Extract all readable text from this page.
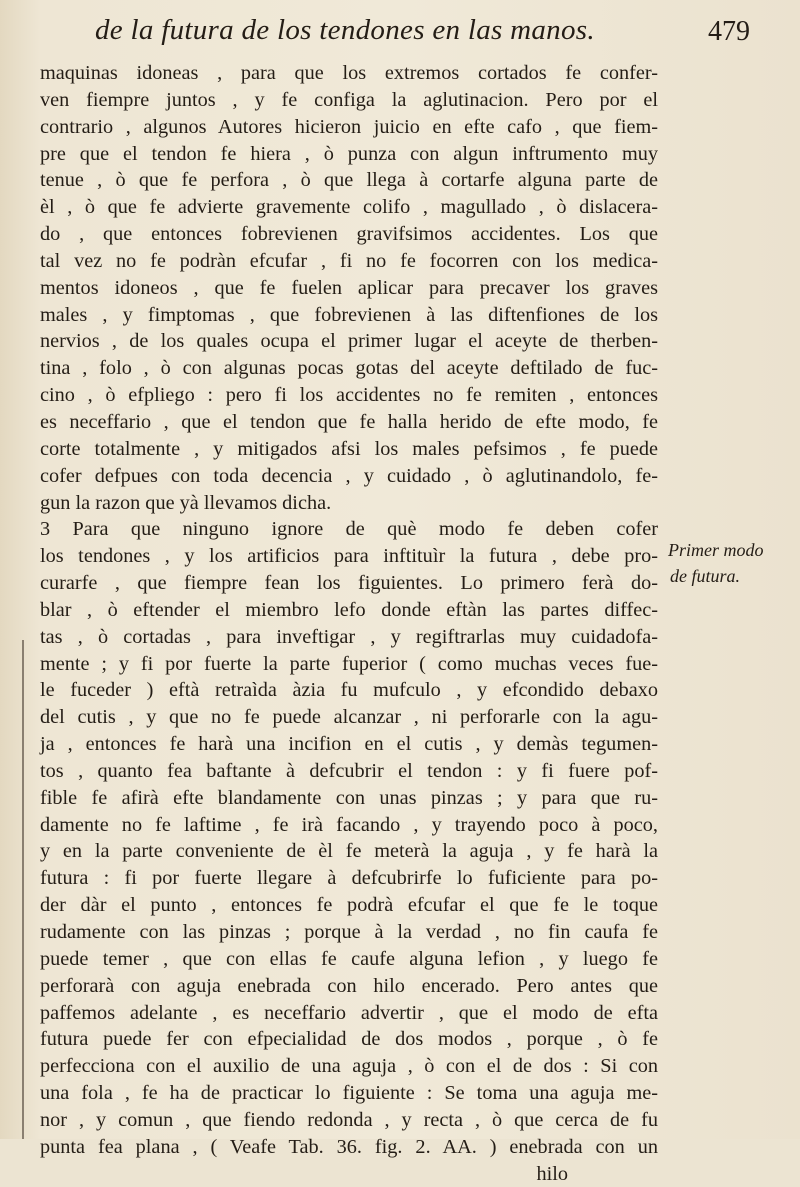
de la futura de los tendones en las manos.	479
maquinas idoneas , para que los extremos cortados fe confer-
ven fiempre juntos , y fe configa la aglutinacion. Pero por el
contrario , algunos Autores hicieron juicio en efte cafo , que fiem-
pre que el tendon fe hiera , ò punza con algun inftrumento muy
tenue , ò que fe perfora , ò que llega à cortarfe alguna parte de
èl , ò que fe advierte gravemente colifo , magullado , ò dislacera-
do , que entonces fobrevienen gravifsimos accidentes. Los que
tal vez no fe podràn efcufar , fi no fe focorren con los medica-
mentos idoneos , que fe fuelen aplicar para precaver los graves
males , y fimptomas , que fobrevienen à las diftenfiones de los
nervios , de los quales ocupa el primer lugar el aceyte de therben-
tina , folo , ò con algunas pocas gotas del aceyte deftilado de fuc-
cino , ò efpliego : pero fi los accidentes no fe remiten , entonces
es neceffario , que el tendon que fe halla herido de efte modo, fe
corte totalmente , y mitigados afsi los males pefsimos , fe puede
cofer defpues con toda decencia , y cuidado , ò aglutinandolo, fe-
gun la razon que yà llevamos dicha.
3 Para que ninguno ignore de què modo fe deben cofer
los tendones , y los artificios para inftituìr la futura , debe pro-
curarfe , que fiempre fean los figuientes. Lo primero ferà do-
blar , ò eftender el miembro lefo donde eftàn las partes diffec-
tas , ò cortadas , para inveftigar , y regiftrarlas muy cuidadofa-
mente ; y fi por fuerte la parte fuperior ( como muchas veces fue-
le fuceder ) eftà retraìda àzia fu mufculo , y efcondido debaxo
del cutis , y que no fe puede alcanzar , ni perforarle con la agu-
ja , entonces fe harà una incifion en el cutis , y demàs tegumen-
tos , quanto fea baftante à defcubrir el tendon : y fi fuere pof-
fible fe afirà efte blandamente con unas pinzas ; y para que ru-
damente no fe laftime , fe irà facando , y trayendo poco à poco,
y en la parte conveniente de èl fe meterà la aguja , y fe harà la
futura : fi por fuerte llegare à defcubrirfe lo fuficiente para po-
der dàr el punto , entonces fe podrà efcufar el que fe le toque
rudamente con las pinzas ; porque à la verdad , no fin caufa fe
puede temer , que con ellas fe caufe alguna lefion , y luego fe
perforarà con aguja enebrada con hilo encerado. Pero antes que
paffemos adelante , es neceffario advertir , que el modo de efta
futura puede fer con efpecialidad de dos modos , porque , ò fe
perfecciona con el auxilio de una aguja , ò con el de dos : Si con
una fola , fe ha de practicar lo figuiente : Se toma una aguja me-
nor , y comun , que fiendo redonda , y recta , ò que cerca de fu
punta fea plana , ( Veafe Tab. 36. fig. 2. AA. ) enebrada con un
hilo
Primer modo
de futura.
